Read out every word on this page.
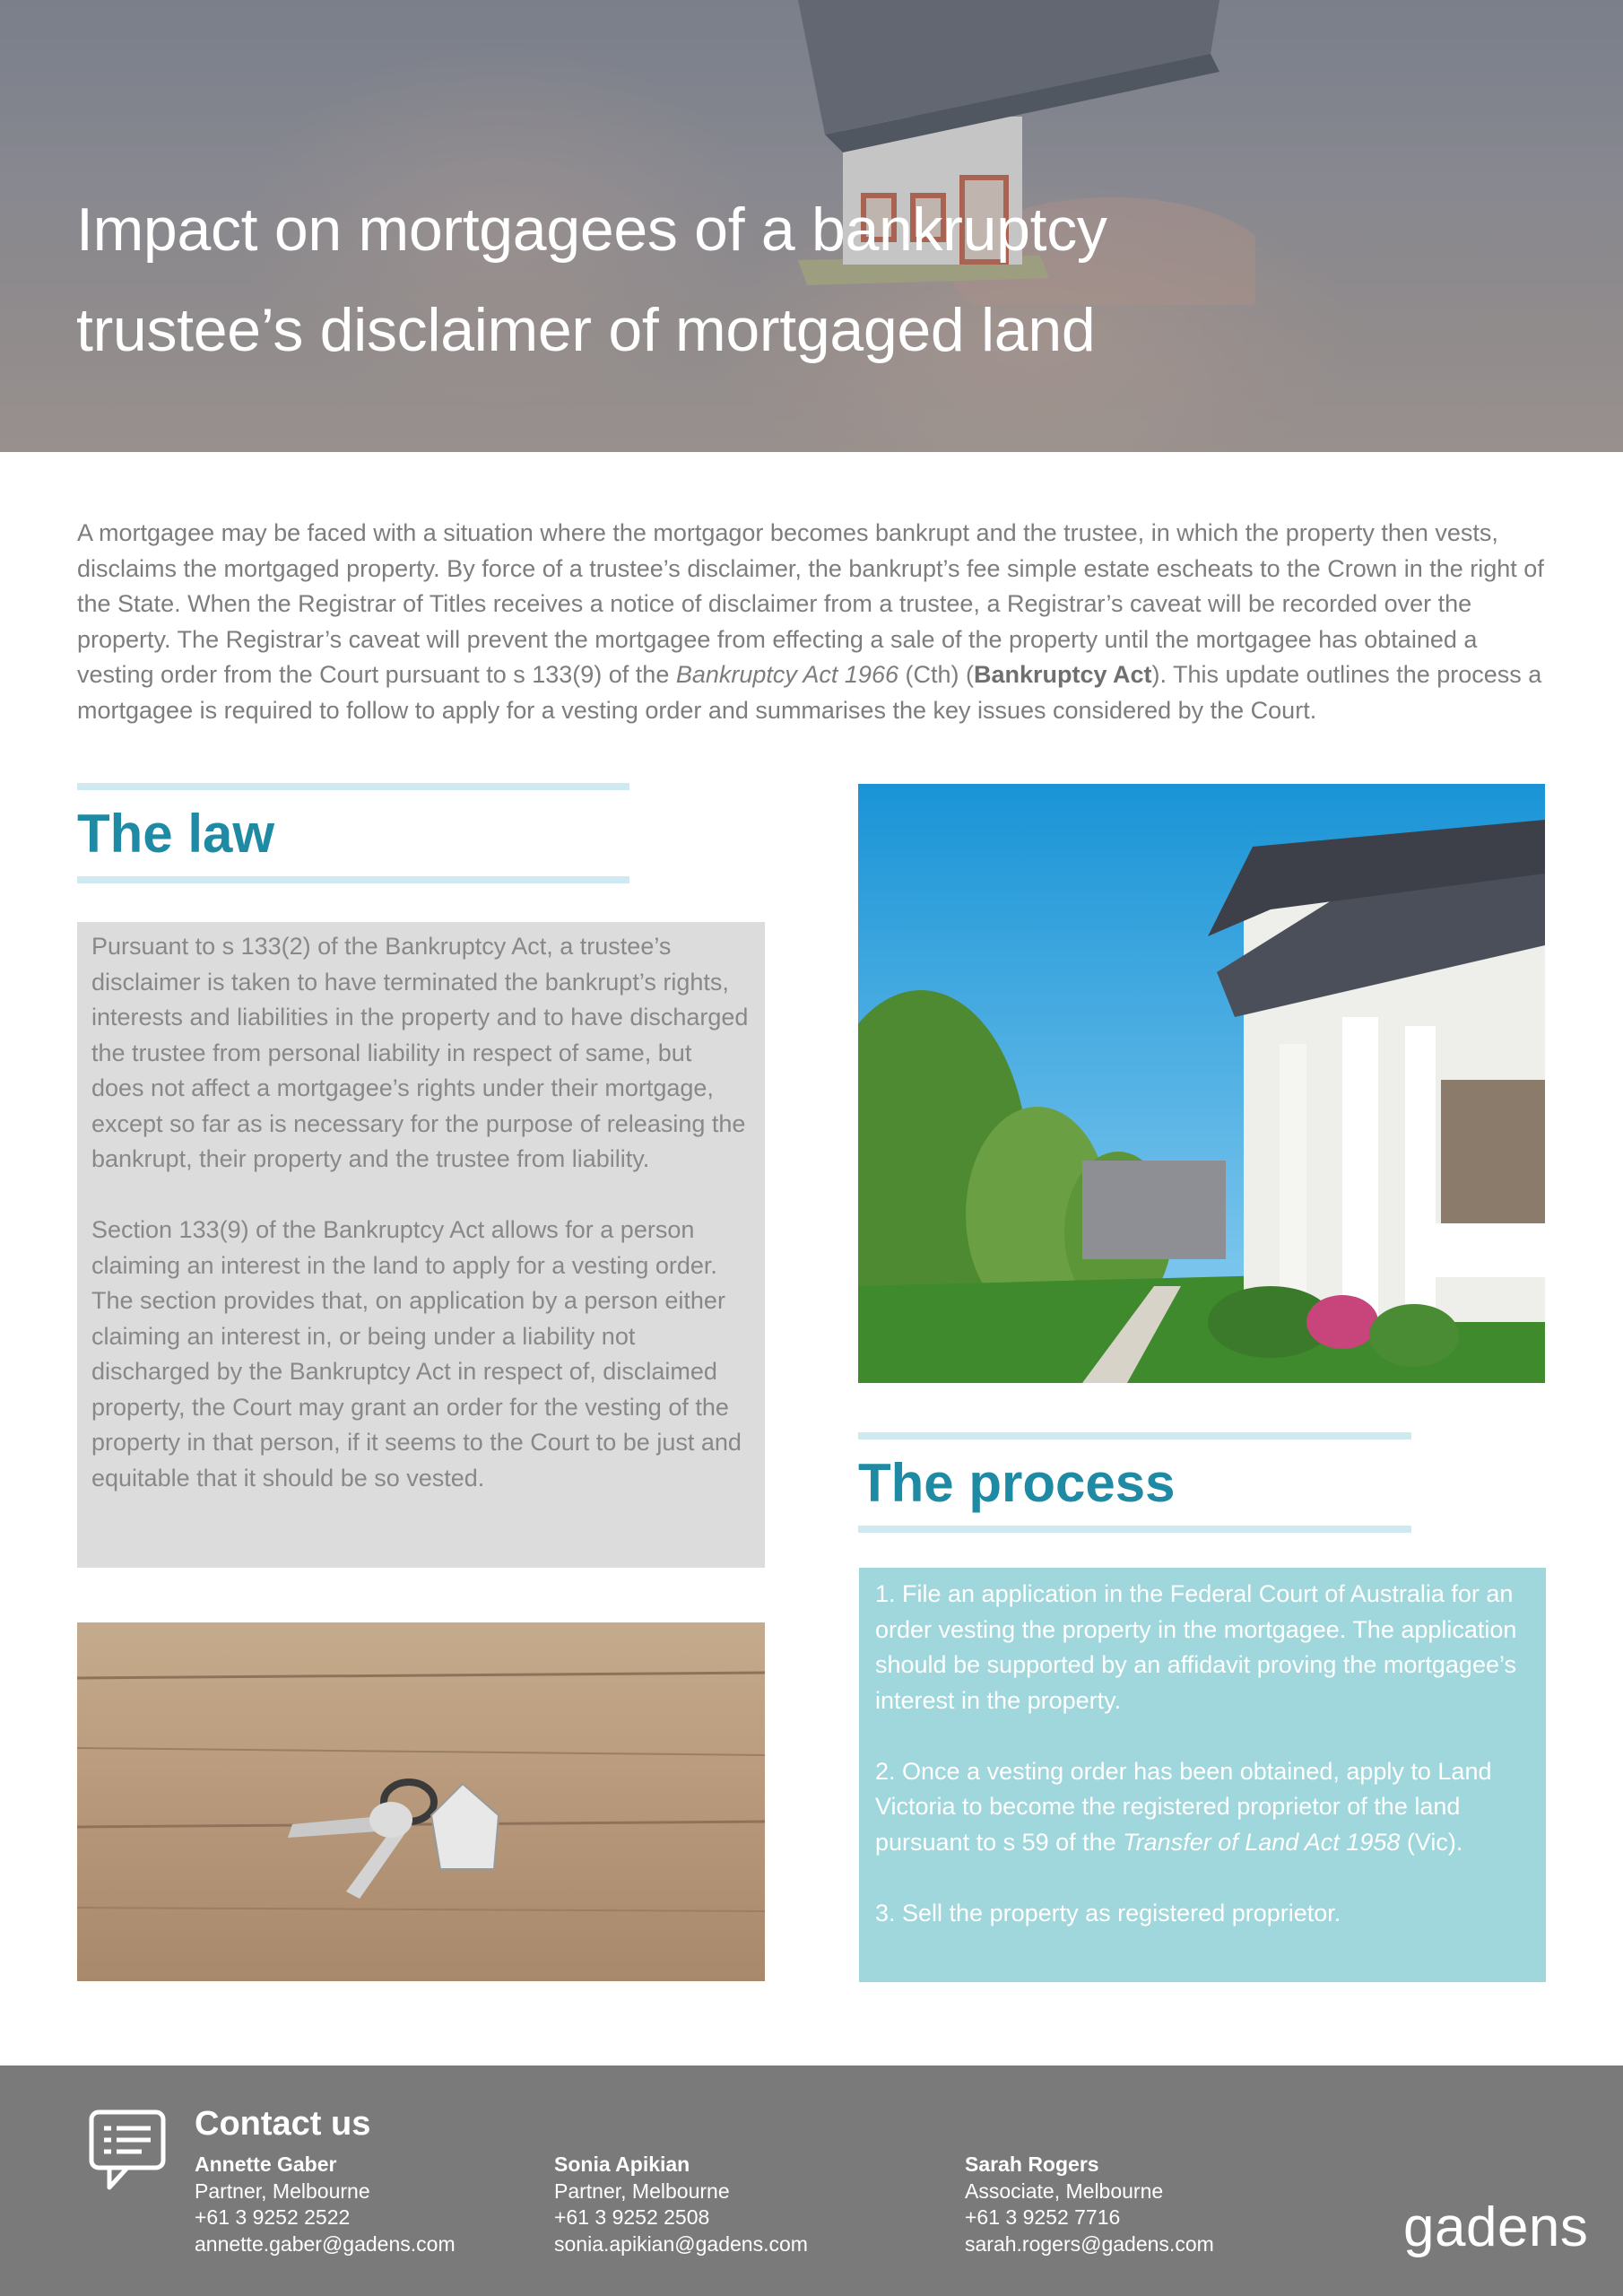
Impact on mortgagees of a bankruptcy
trustee’s disclaimer of mortgaged land

A mortgagee may be faced with a situation where the mortgagor becomes bankrupt and the trustee, in which the property then vests, disclaims the mortgaged property. By force of a trustee’s disclaimer, the bankrupt’s fee simple estate escheats to the Crown in the right of the State. When the Registrar of Titles receives a notice of disclaimer from a trustee, a Registrar’s caveat will be recorded over the property. The Registrar’s caveat will prevent the mortgagee from effecting a sale of the property until the mortgagee has obtained a vesting order from the Court pursuant to s 133(9) of the Bankruptcy Act 1966 (Cth) (Bankruptcy Act). This update outlines the process a mortgagee is required to follow to apply for a vesting order and summarises the key issues considered by the Court.

The law

Pursuant to s 133(2) of the Bankruptcy Act, a trustee’s disclaimer is taken to have terminated the bankrupt’s rights, interests and liabilities in the property and to have discharged the trustee from personal liability in respect of same, but does not affect a mortgagee’s rights under their mortgage, except so far as is necessary for the purpose of releasing the bankrupt, their property and the trustee from liability.

Section 133(9) of the Bankruptcy Act allows for a person claiming an interest in the land to apply for a vesting order. The section provides that, on application by a person either claiming an interest in, or being under a liability not discharged by the Bankruptcy Act in respect of, disclaimed property, the Court may grant an order for the vesting of the property in that person, if it seems to the Court to be just and equitable that it should be so vested.	The process

1. File an application in the Federal Court of Australia for an order vesting the property in the mortgagee. The application should be supported by an affidavit proving the mortgagee’s interest in the property.

2. Once a vesting order has been obtained, apply to Land Victoria to become the registered proprietor of the land pursuant to s 59 of the Transfer of Land Act 1958 (Vic).

3. Sell the property as registered proprietor.

Contact us
Annette Gaber
Partner, Melbourne
+61 3 9252 2522
annette.gaber@gadens.com
Sonia Apikian
Partner, Melbourne
+61 3 9252 2508
sonia.apikian@gadens.com
Sarah Rogers
Associate, Melbourne
+61 3 9252 7716
sarah.rogers@gadens.com	gadens
